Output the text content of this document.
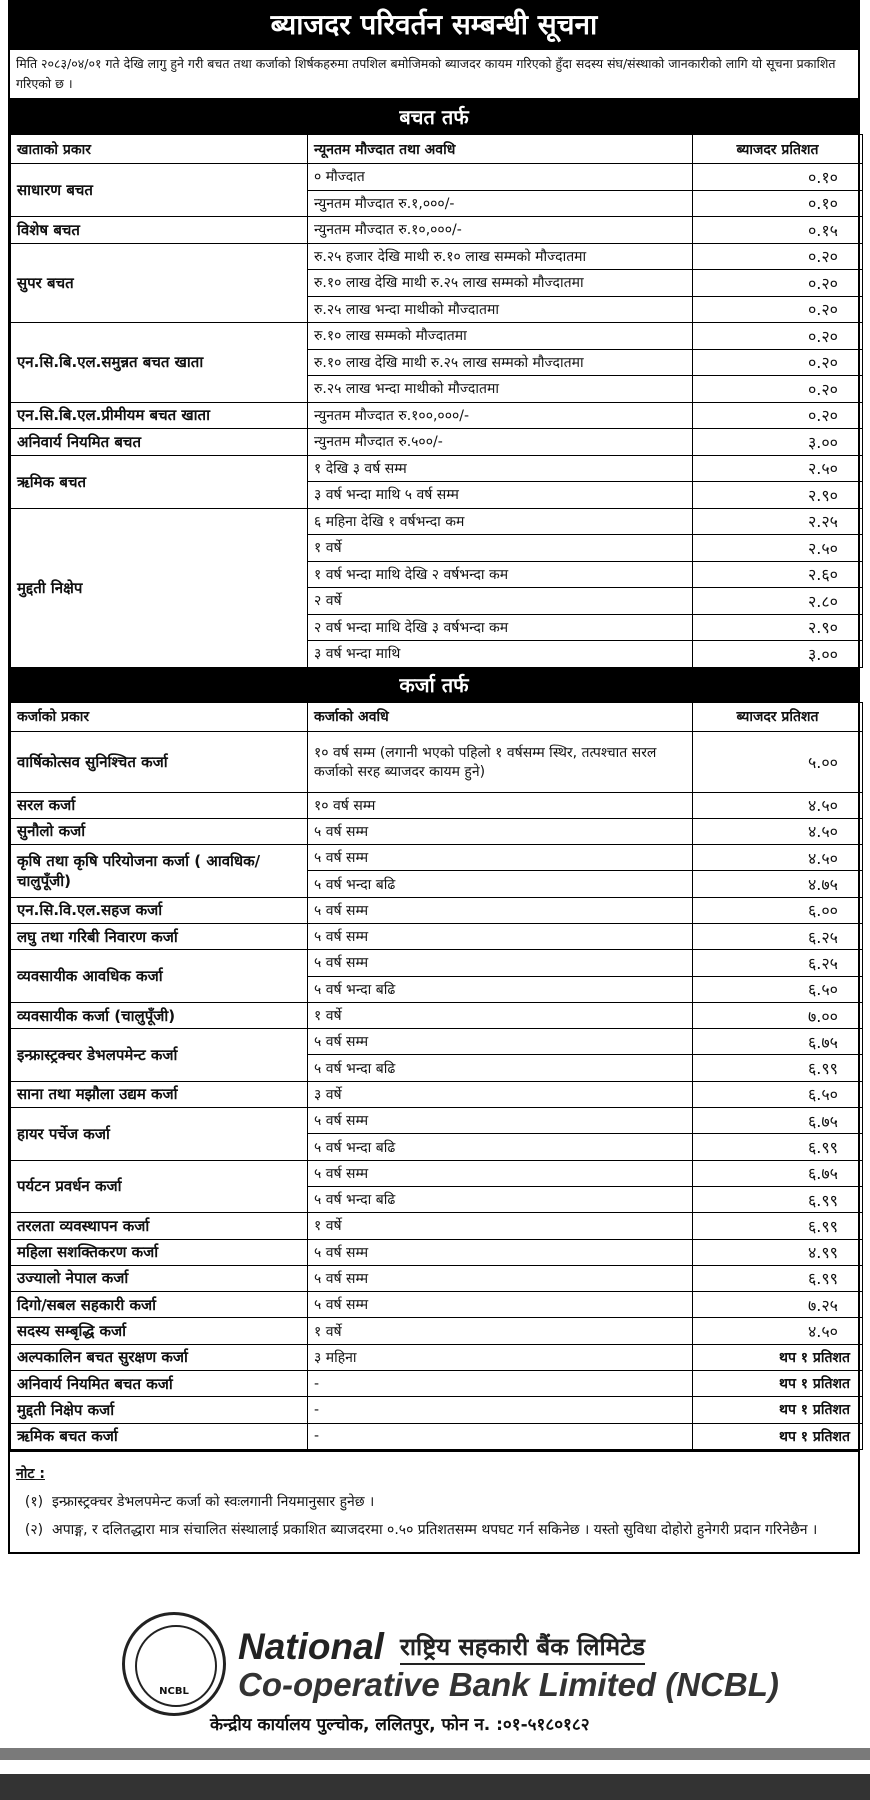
ब्याजदर परिवर्तन सम्बन्धी सूचना
मिति २०८३/०४/०१ गते देखि लागु हुने गरी बचत तथा कर्जाको शिर्षकहरुमा तपशिल बमोजिमको ब्याजदर कायम गरिएको हुँदा सदस्य संघ/संस्थाको जानकारीको लागि यो सूचना प्रकाशित गरिएको छ ।
बचत तर्फ
खाताको प्रकार	न्यूनतम मौज्दात तथा अवधि	ब्याजदर प्रतिशत
साधारण बचत	० मौज्दात	०.१०
	न्युनतम मौज्दात रु.१,०००/-	०.१०
विशेष बचत	न्युनतम मौज्दात रु.१०,०००/-	०.१५
सुपर बचत	रु.२५ हजार देखि माथी रु.१० लाख सम्मको मौज्दातमा	०.२०
	रु.१० लाख देखि माथी रु.२५ लाख सम्मको मौज्दातमा	०.२०
	रु.२५ लाख भन्दा माथीको मौज्दातमा	०.२०
एन.सि.बि.एल.समुन्नत बचत खाता	रु.१० लाख सम्मको मौज्दातमा	०.२०
	रु.१० लाख देखि माथी रु.२५ लाख सम्मको मौज्दातमा	०.२०
	रु.२५ लाख भन्दा माथीको मौज्दातमा	०.२०
एन.सि.बि.एल.प्रीमीयम बचत खाता	न्युनतम मौज्दात रु.१००,०००/-	०.२०
अनिवार्य नियमित बचत	न्युनतम मौज्दात रु.५००/-	३.००
ऋमिक बचत	१ देखि ३ वर्ष सम्म	२.५०
	३ वर्ष भन्दा माथि ५ वर्ष सम्म	२.९०
मुद्दती निक्षेप	६ महिना देखि १ वर्षभन्दा कम	२.२५
	१ वर्षे	२.५०
	१ वर्ष भन्दा माथि देखि २ वर्षभन्दा कम	२.६०
	२ वर्षे	२.८०
	२ वर्ष भन्दा माथि देखि ३ वर्षभन्दा कम	२.९०
	३ वर्ष भन्दा माथि	३.००
कर्जा तर्फ
कर्जाको प्रकार	कर्जाको अवधि	ब्याजदर प्रतिशत
वार्षिकोत्सव सुनिश्चित कर्जा	१० वर्ष सम्म (लगानी भएको पहिलो १ वर्षसम्म स्थिर, तत्पश्चात सरल कर्जाको सरह ब्याजदर कायम हुने)	५.००
सरल कर्जा	१० वर्ष सम्म	४.५०
सुनौलो कर्जा	५ वर्ष सम्म	४.५०
कृषि तथा कृषि परियोजना कर्जा ( आवधिक/चालुपूँजी)	५ वर्ष सम्म	४.५०
	५ वर्ष भन्दा बढि	४.७५
एन.सि.वि.एल.सहज कर्जा	५ वर्ष सम्म	६.००
लघु तथा गरिबी निवारण कर्जा	५ वर्ष सम्म	६.२५
व्यवसायीक आवधिक कर्जा	५ वर्ष सम्म	६.२५
	५ वर्ष भन्दा बढि	६.५०
व्यवसायीक कर्जा (चालुपूँजी)	१ वर्षे	७.००
इन्फ्रास्ट्रक्चर डेभलपमेन्ट कर्जा	५ वर्ष सम्म	६.७५
	५ वर्ष भन्दा बढि	६.९९
साना तथा मझौला उद्यम कर्जा	३ वर्षे	६.५०
हायर पर्चेज कर्जा	५ वर्ष सम्म	६.७५
	५ वर्ष भन्दा बढि	६.९९
पर्यटन प्रवर्धन कर्जा	५ वर्ष सम्म	६.७५
	५ वर्ष भन्दा बढि	६.९९
तरलता व्यवस्थापन कर्जा	१ वर्षे	६.९९
महिला सशक्तिकरण कर्जा	५ वर्ष सम्म	४.९९
उज्यालो नेपाल कर्जा	५ वर्ष सम्म	६.९९
दिगो/सबल सहकारी कर्जा	५ वर्ष सम्म	७.२५
सदस्य सम्बृद्धि कर्जा	१ वर्षे	४.५०
अल्पकालिन बचत सुरक्षण कर्जा	३ महिना	थप १ प्रतिशत
अनिवार्य नियमित बचत कर्जा	-	थप १ प्रतिशत
मुद्दती निक्षेप कर्जा	-	थप १ प्रतिशत
ऋमिक बचत कर्जा	-	थप १ प्रतिशत
नोट :
(१) इन्फ्रास्ट्रक्चर डेभलपमेन्ट कर्जा को स्वःलगानी नियमानुसार हुनेछ ।
(२) अपाङ्ग, र दलितद्धारा मात्र संचालित संस्थालाई प्रकाशित ब्याजदरमा ०.५० प्रतिशतसम्म थपघट गर्न सकिनेछ । यस्तो सुविधा दोहोरो हुनेगरी प्रदान गरिनेछैन ।
NCBL
National राष्ट्रिय सहकारी बैंक लिमिटेड
Co-operative Bank Limited (NCBL)
केन्द्रीय कार्यालय पुल्चोक, ललितपुर, फोन न. :०१-५१८०१८२
